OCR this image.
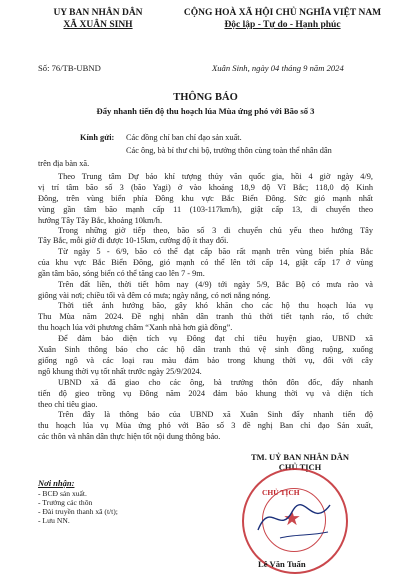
UY BAN NHÂN DÂN
XÃ XUÂN SINH
CỘNG HOÀ XÃ HỘI CHỦ NGHĨA VIỆT NAM
Độc lập - Tự do - Hạnh phúc
Số: 76/TB-UBND	Xuân Sinh, ngày 04 tháng 9 năm 2024
THÔNG BÁO
Đẩy nhanh tiến độ thu hoạch lúa Mùa ứng phó với Bão số 3
Kính gửi: Các đồng chí ban chỉ đạo sản xuất.
Các ông, bà bí thư chi bộ, trưởng thôn cùng toàn thể nhân dân
trên địa bàn xã.
Theo Trung tâm Dự báo khí tượng thủy văn quốc gia, hồi 4 giờ ngày 4/9,
vị trí tâm bão số 3 (bão Yagi) ở vào khoảng 18,9 độ Vĩ Bắc; 118,0 độ Kinh
Đông, trên vùng biển phía Đông khu vực Bắc Biển Đông. Sức gió mạnh nhất
vùng gần tâm bão mạnh cấp 11 (103-117km/h), giật cấp 13, di chuyển theo
hướng Tây Tây Bắc, khoảng 10km/h.
Trong những giờ tiếp theo, bão số 3 di chuyển chủ yếu theo hướng Tây
Tây Bắc, mỗi giờ đi được 10-15km, cường độ ít thay đổi.
Từ ngày 5 - 6/9, bão có thể đạt cấp bão rất mạnh trên vùng biển phía Bắc
của khu vực Bắc Biển Đông, gió mạnh có thể lên tới cấp 14, giật cấp 17 ở vùng
gần tâm bão, sóng biển có thể tăng cao lên 7 - 9m.
Trên đất liền, thời tiết hôm nay (4/9) tới ngày 5/9, Bắc Bộ có mưa rào và
giông vài nơi; chiều tối và đêm có mưa; ngày nắng, có nơi nắng nóng.
Thời tiết ảnh hưởng bão, gây khó khăn cho các hộ thu hoạch lúa vụ
Thu Mùa năm 2024. Đề nghị nhân dân tranh thủ thời tiết tạnh ráo, tổ chức
thu hoạch lúa với phương châm “Xanh nhà hơn già đồng”.
Để đảm bảo diện tích vụ Đông đạt chỉ tiêu huyện giao, UBND xã
Xuân Sinh thông báo cho các hộ dân tranh thủ vệ sinh đồng ruộng, xuống
giống ngô và các loại rau màu đảm bảo trong khung thời vụ, đối với cây
ngô khung thời vụ tốt nhất trước ngày 25/9/2024.
UBND xã đã giao cho các ông, bà trưởng thôn đôn đốc, đẩy nhanh
tiến độ gieo trồng vụ Đông năm 2024 đảm bảo khung thời vụ và diện tích
theo chỉ tiêu giao.
Trên đây là thông báo của UBND xã Xuân Sinh đẩy nhanh tiến độ
thu hoạch lúa vụ Mùa ứng phó với Bão số 3 đề nghị Ban chỉ đạo Sản xuất,
các thôn và nhân dân thực hiện tốt nội dung thông báo.
Nơi nhận:
- BCĐ sản xuất.
- Trưởng các thôn
- Đài truyền thanh xã (t/t);
- Lưu NN.
TM. UỶ BAN NHÂN DÂN
CHỦ TỊCH
★
CHỦ TỊCH
Lê Văn Tuấn
